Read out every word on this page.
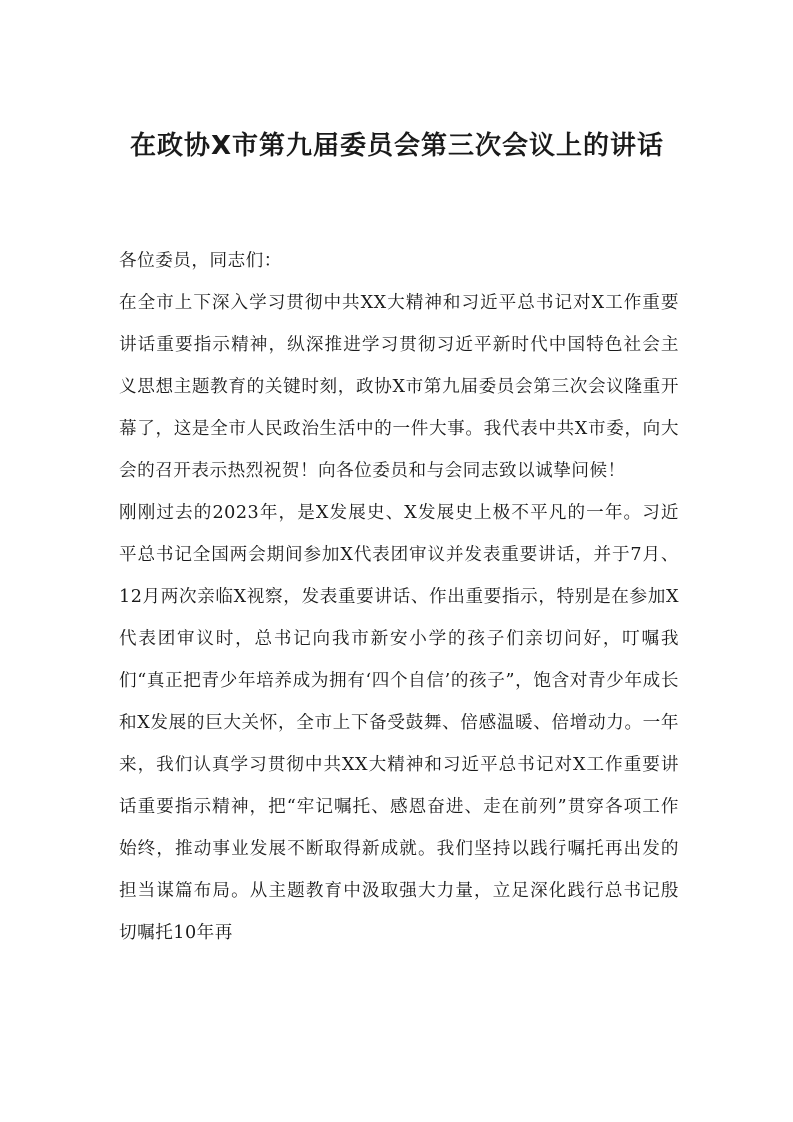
在政协X市第九届委员会第三次会议上的讲话

各位委员，同志们：

在全市上下深入学习贯彻中共XX大精神和习近平总书记对X工作重要讲话重要指示精神，纵深推进学习贯彻习近平新时代中国特色社会主义思想主题教育的关键时刻，政协X市第九届委员会第三次会议隆重开幕了，这是全市人民政治生活中的一件大事。我代表中共X市委，向大会的召开表示热烈祝贺！向各位委员和与会同志致以诚挚问候！

刚刚过去的2023年，是X发展史、X发展史上极不平凡的一年。习近平总书记全国两会期间参加X代表团审议并发表重要讲话，并于7月、12月两次亲临X视察，发表重要讲话、作出重要指示，特别是在参加X代表团审议时，总书记向我市新安小学的孩子们亲切问好，叮嘱我们“真正把青少年培养成为拥有‘四个自信’的孩子”，饱含对青少年成长和X发展的巨大关怀，全市上下备受鼓舞、倍感温暖、倍增动力。一年来，我们认真学习贯彻中共XX大精神和习近平总书记对X工作重要讲话重要指示精神，把“牢记嘱托、感恩奋进、走在前列”贯穿各项工作始终，推动事业发展不断取得新成就。我们坚持以践行嘱托再出发的担当谋篇布局。从主题教育中汲取强大力量，立足深化践行总书记殷切嘱托10年再
